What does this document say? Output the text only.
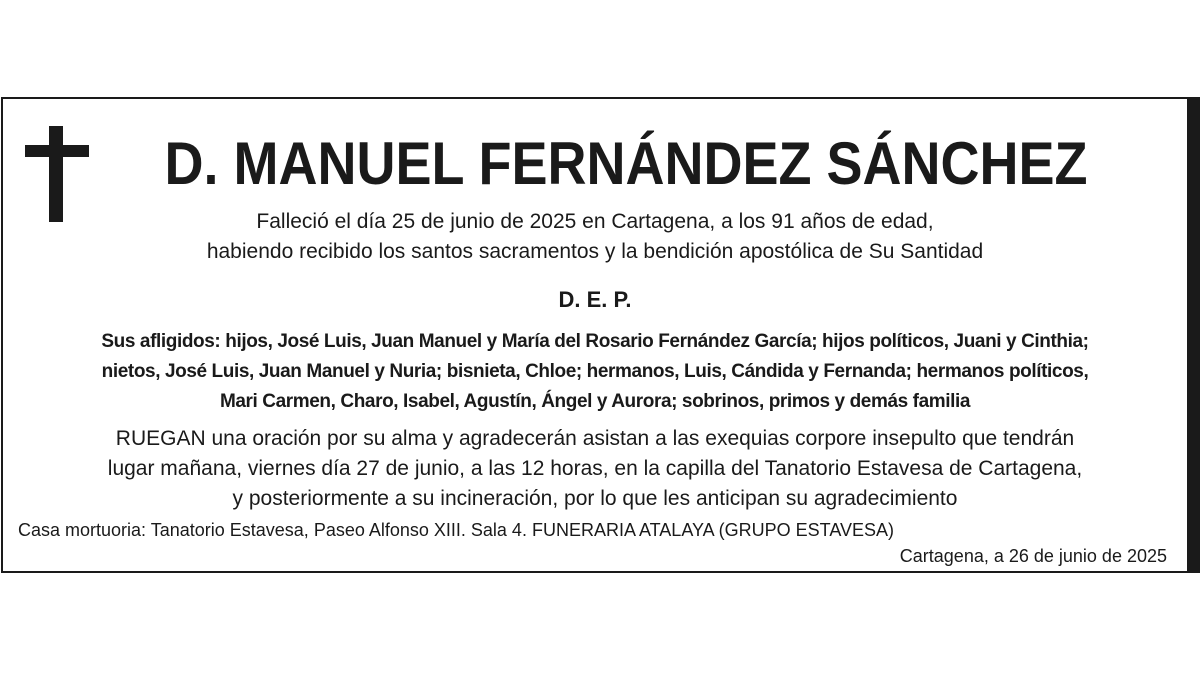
D. MANUEL FERNÁNDEZ SÁNCHEZ

Falleció el día 25 de junio de 2025 en Cartagena, a los 91 años de edad,

habiendo recibido los santos sacramentos y la bendición apostólica de Su Santidad

D. E. P.

Sus afligidos: hijos, José Luis, Juan Manuel y María del Rosario Fernández García; hijos políticos, Juani y Cinthia;

nietos, José Luis, Juan Manuel y Nuria; bisnieta, Chloe; hermanos, Luis, Cándida y Fernanda; hermanos políticos,

Mari Carmen, Charo, Isabel, Agustín, Ángel y Aurora; sobrinos, primos y demás familia

RUEGAN una oración por su alma y agradecerán asistan a las exequias corpore insepulto que tendrán

lugar mañana, viernes día 27 de junio, a las 12 horas, en la capilla del Tanatorio Estavesa de Cartagena,

y posteriormente a su incineración, por lo que les anticipan su agradecimiento

Casa mortuoria: Tanatorio Estavesa, Paseo Alfonso XIII. Sala 4. FUNERARIA ATALAYA (GRUPO ESTAVESA)

Cartagena, a 26 de junio de 2025
